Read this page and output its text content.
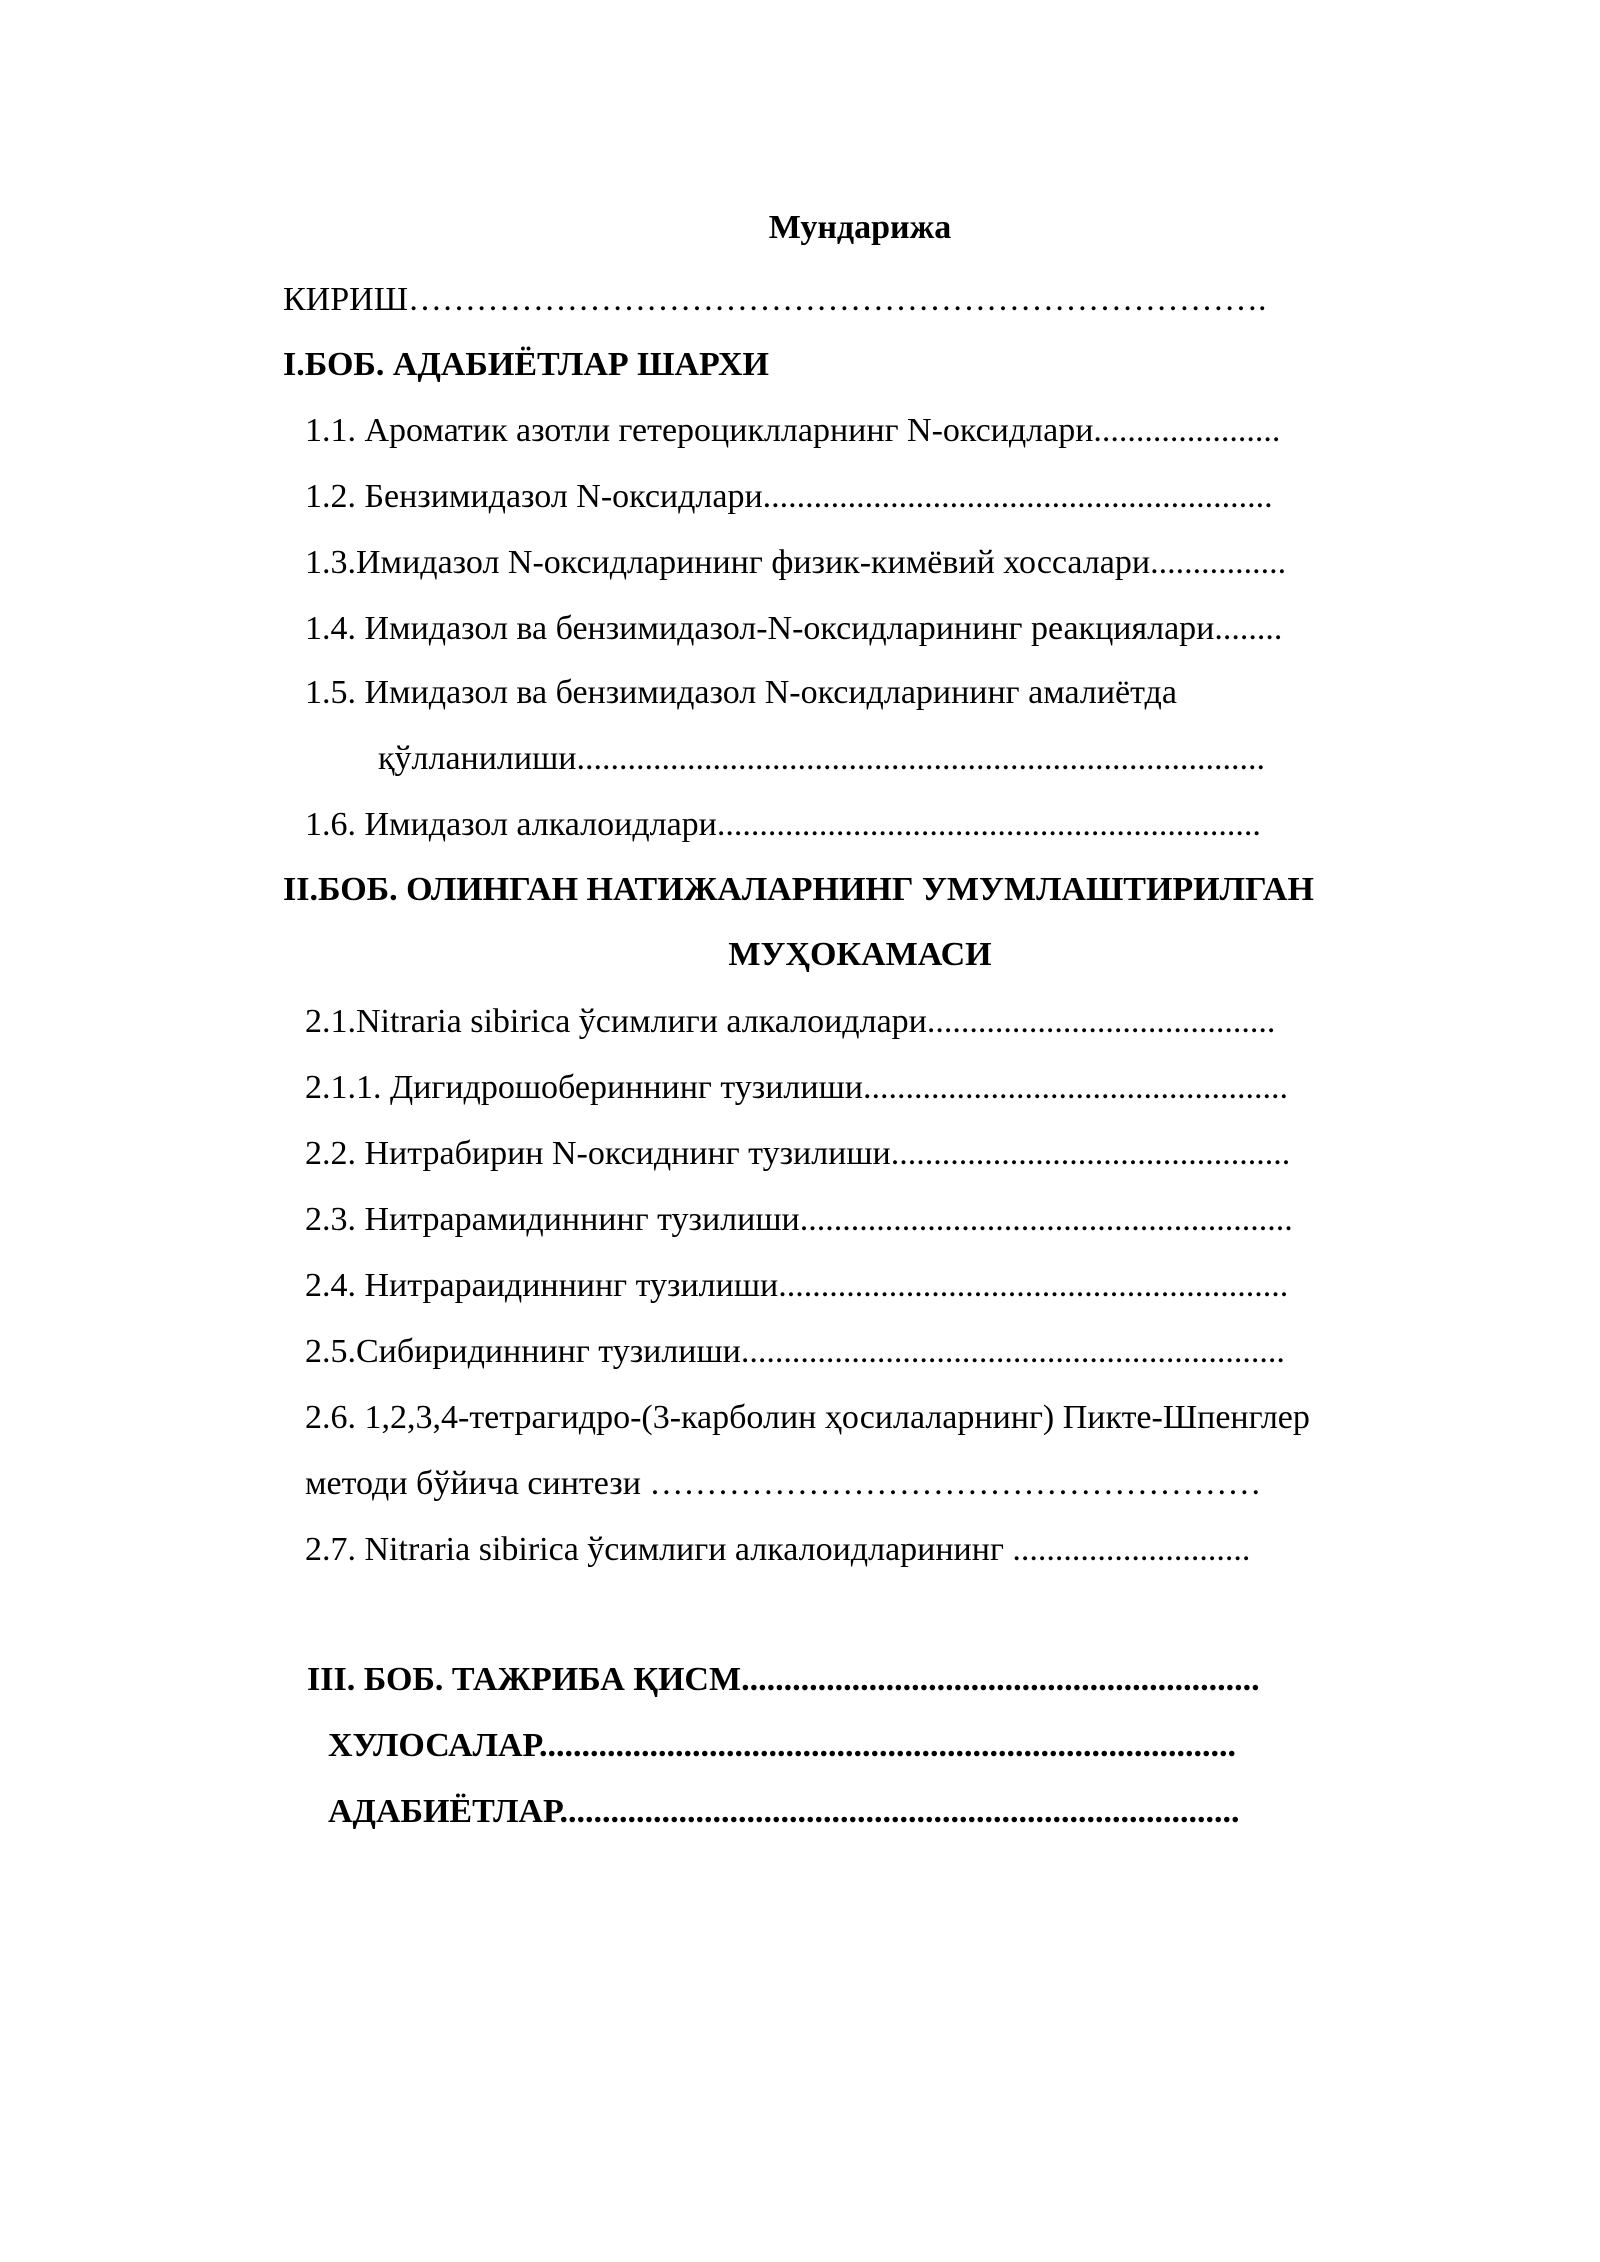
Мундарижа
КИРИШ………………………………………………………………….
I.БОБ. АДАБИЁТЛАР ШАРХИ
1.1. Ароматик азотли гетероциклларнинг N-оксидлари......................
1.2. Бензимидазол N-оксидлари............................................................
1.3.Имидазол N-оксидларининг физик-кимёвий хоссалари................
1.4. Имидазол ва бензимидазол-N-оксидларининг реакциялари........
1.5. Имидазол ва бензимидазол N-оксидларининг амалиётда
қўлланилиши.................................................................................
1.6. Имидазол алкалоидлари................................................................
II.БОБ. ОЛИНГАН НАТИЖАЛАРНИНГ УМУМЛАШТИРИЛГАН
МУҲОКАМАСИ
2.1.Nitraria sibirica ўсимлиги алкалоидлари.........................................
2.1.1. Дигидрошобериннинг тузилиши..................................................
2.2. Нитрабирин N-оксиднинг тузилиши...............................................
2.3. Нитрарамидиннинг тузилиши..........................................................
2.4. Нитрараидиннинг тузилиши............................................................
2.5.Сибиридиннинг тузилиши................................................................
2.6. 1,2,3,4-тетрагидро-(3-карболин ҳосилаларнинг) Пикте-Шпенглер
методи бўйича синтези ………………………………………………
2.7. Nitraria sibirica ўсимлиги алкалоидларининг ............................
III. БОБ. ТАЖРИБА ҚИСМ.............................................................
ХУЛОСАЛАР..................................................................................
АДАБИЁТЛАР................................................................................
